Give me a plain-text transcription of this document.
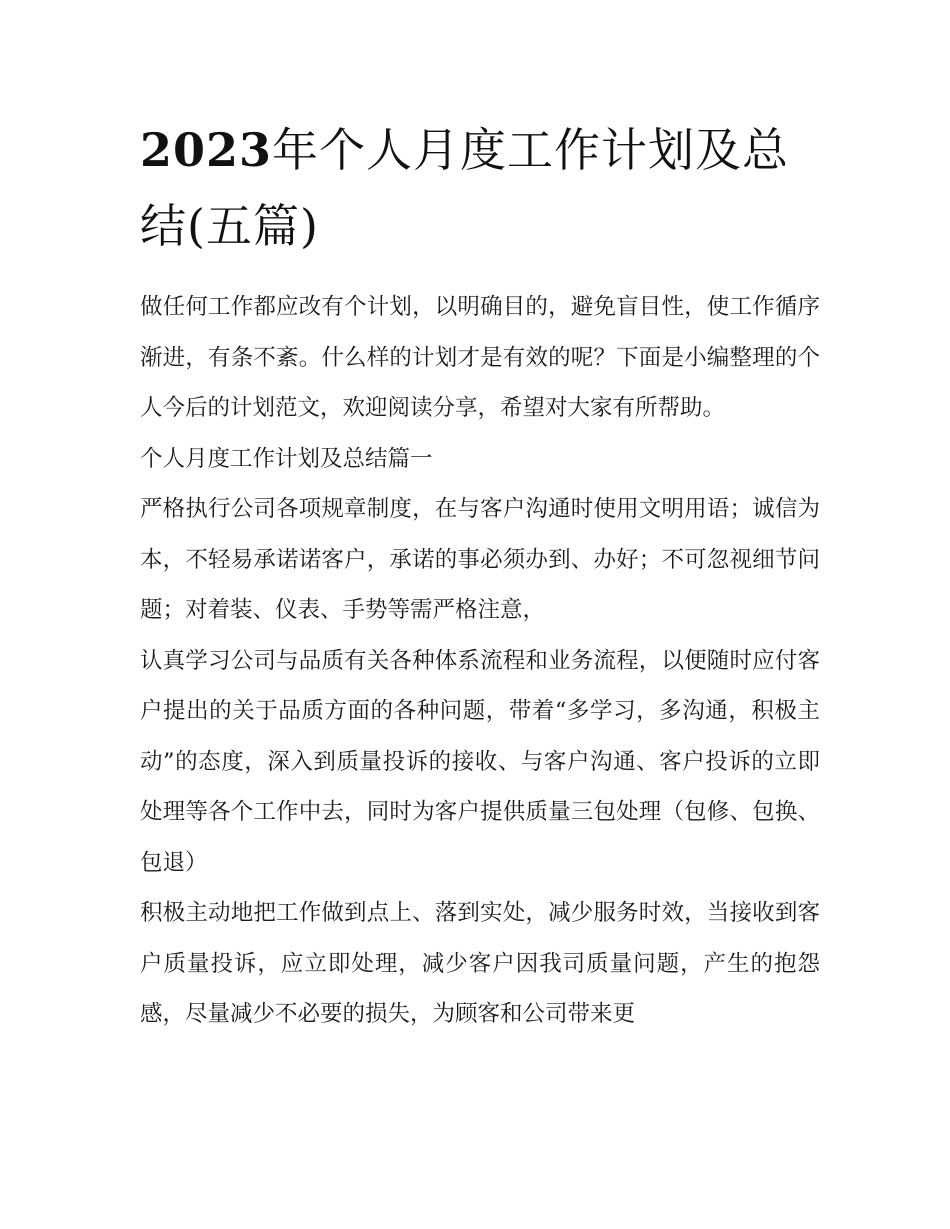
2023年个人月度工作计划及总结(五篇)

做任何工作都应改有个计划，以明确目的，避免盲目性，使工作循序渐进，有条不紊。什么样的计划才是有效的呢？下面是小编整理的个人今后的计划范文，欢迎阅读分享，希望对大家有所帮助。

个人月度工作计划及总结篇一

严格执行公司各项规章制度，在与客户沟通时使用文明用语；诚信为本，不轻易承诺诺客户，承诺的事必须办到、办好；不可忽视细节问题；对着装、仪表、手势等需严格注意，

认真学习公司与品质有关各种体系流程和业务流程，以便随时应付客户提出的关于品质方面的各种问题，带着“多学习，多沟通，积极主动”的态度，深入到质量投诉的接收、与客户沟通、客户投诉的立即处理等各个工作中去，同时为客户提供质量三包处理（包修、包换、包退）

积极主动地把工作做到点上、落到实处，减少服务时效，当接收到客户质量投诉，应立即处理，减少客户因我司质量问题，产生的抱怨感，尽量减少不必要的损失，为顾客和公司带来更
